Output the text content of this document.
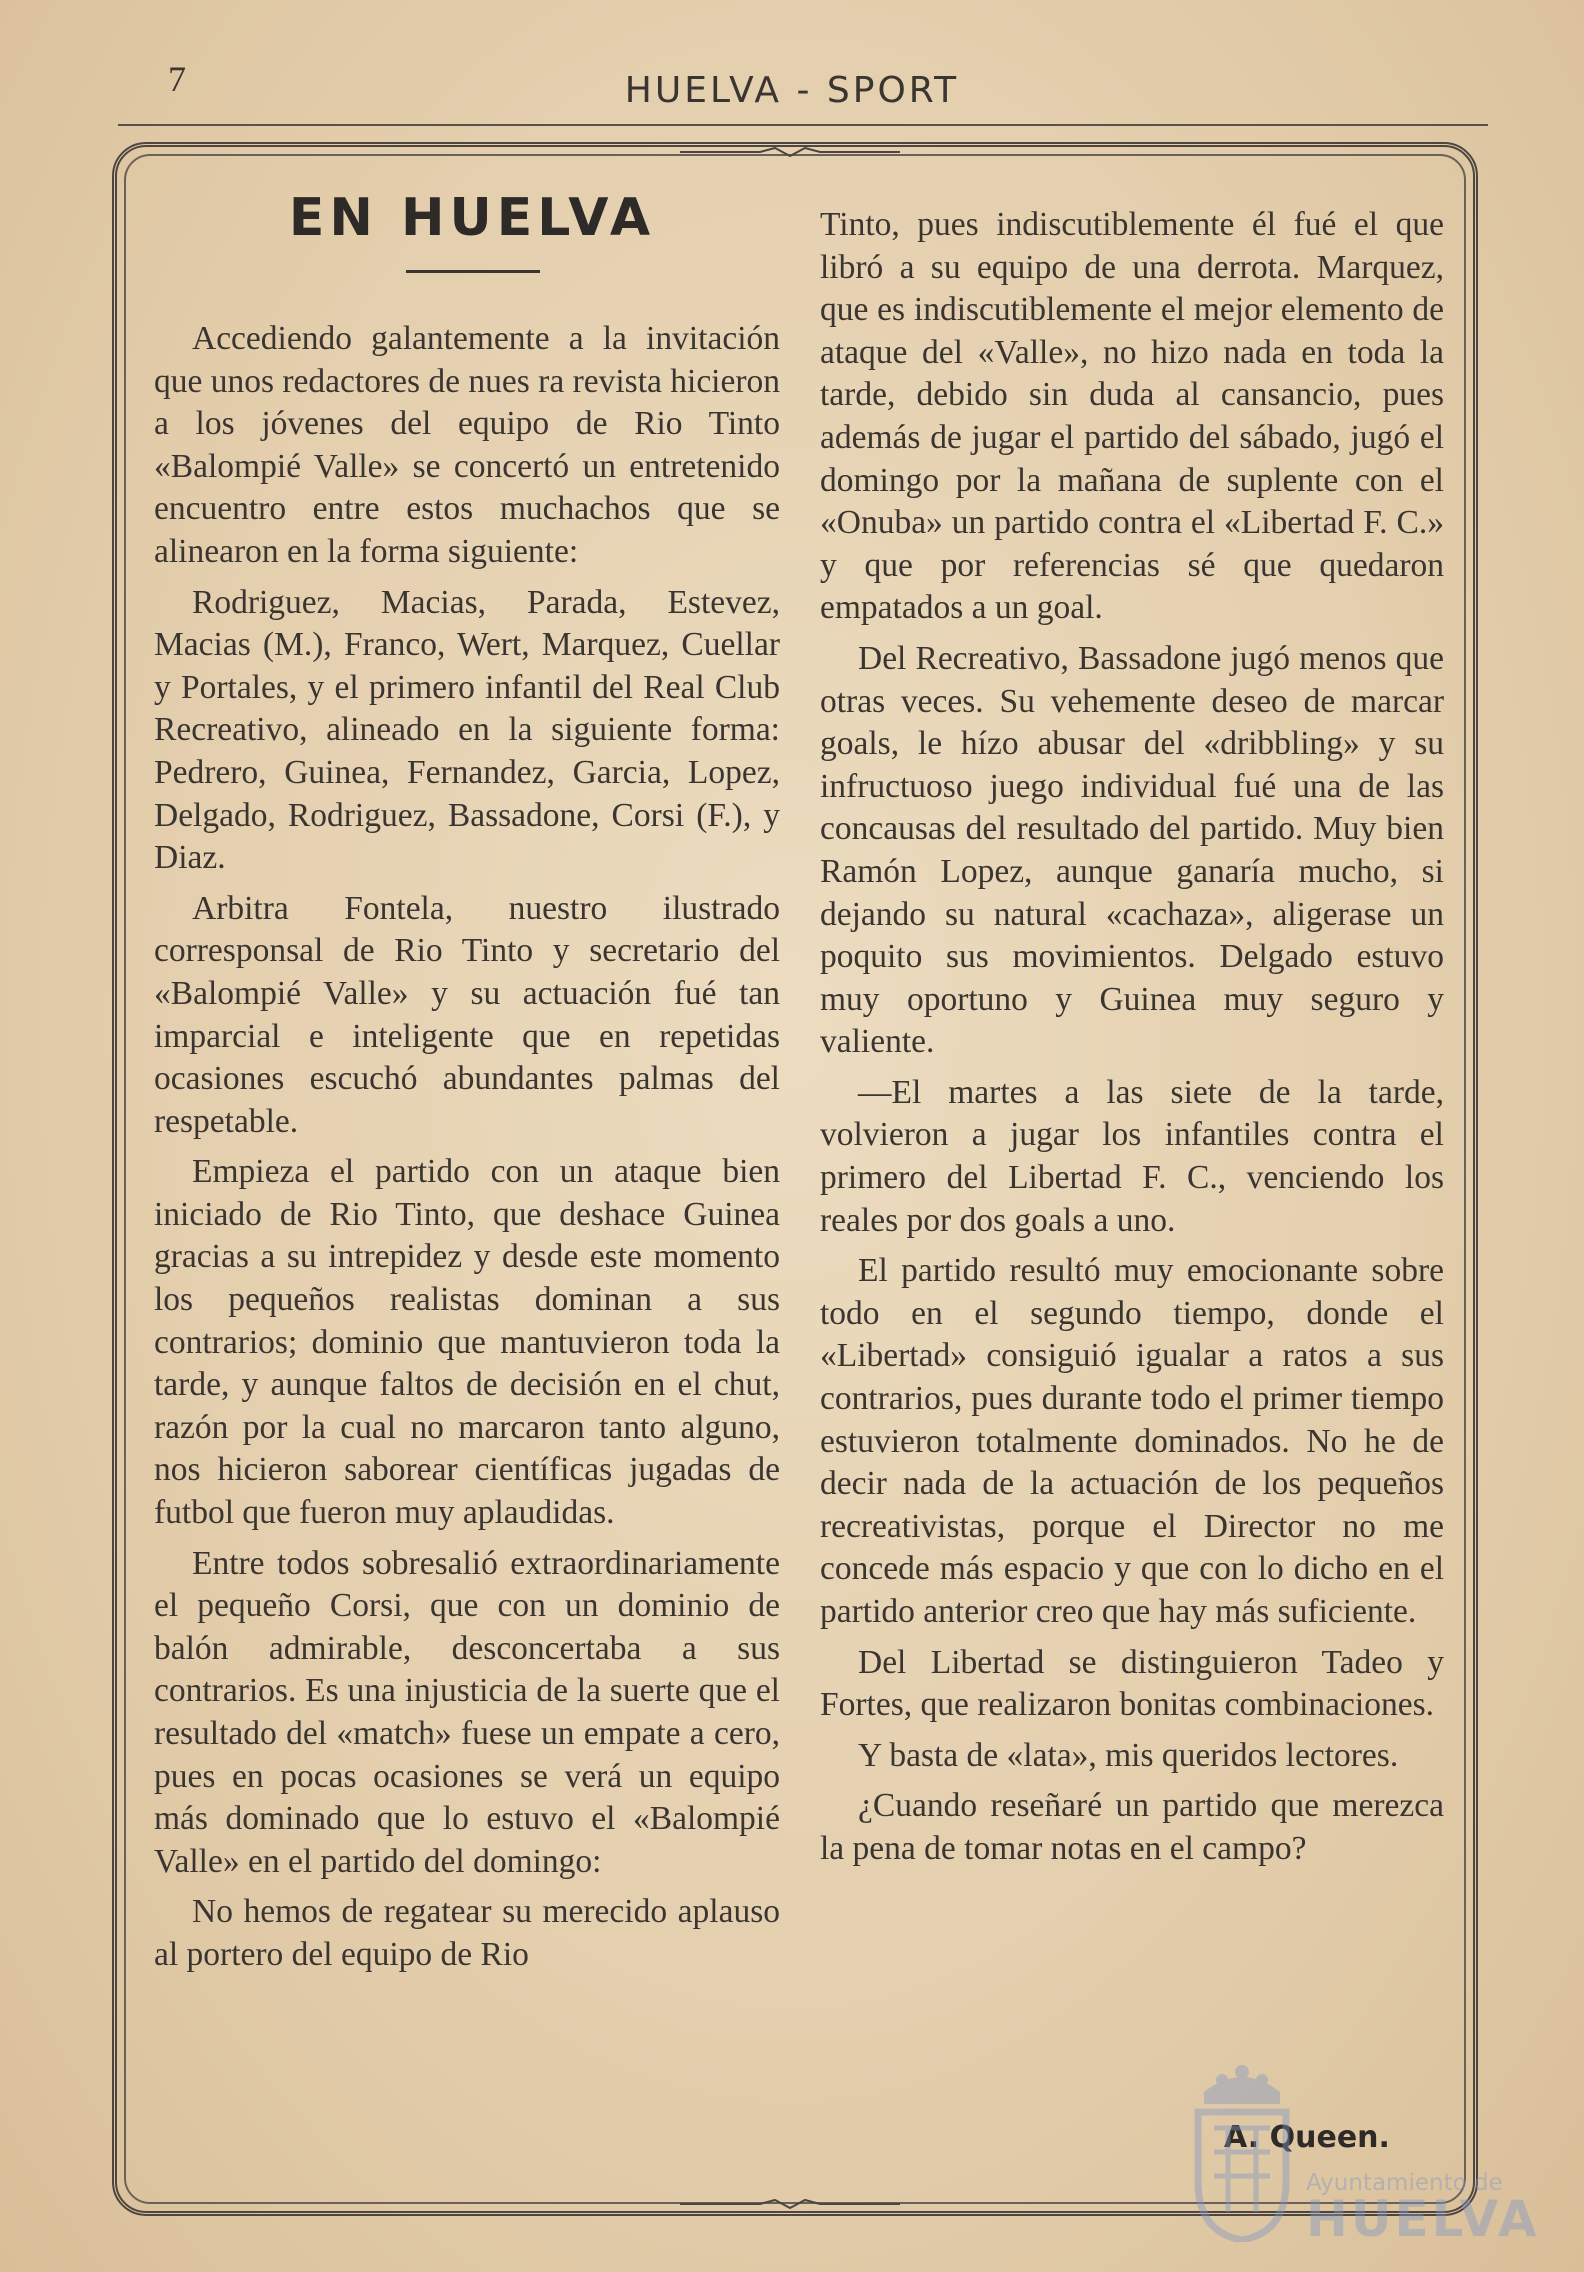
7	HUELVA - SPORT
EN HUELVA

Accediendo galantemente a la invitación que unos redactores de nues ra revista hicieron a los jóvenes del equipo de Rio Tinto «Balompié Valle» se concertó un entretenido encuentro entre estos muchachos que se alinearon en la forma siguiente:

Rodriguez, Macias, Parada, Estevez, Macias (M.), Franco, Wert, Marquez, Cuellar y Portales, y el primero infantil del Real Club Recreativo, alineado en la siguiente forma: Pedrero, Guinea, Fernandez, Garcia, Lopez, Delgado, Rodriguez, Bassadone, Corsi (F.), y Diaz.

Arbitra Fontela, nuestro ilustrado corresponsal de Rio Tinto y secretario del «Balompié Valle» y su actuación fué tan imparcial e inteligente que en repetidas ocasiones escuchó abundantes palmas del respetable.

Empieza el partido con un ataque bien iniciado de Rio Tinto, que deshace Guinea gracias a su intrepidez y desde este momento los pequeños realistas dominan a sus contrarios; dominio que mantuvieron toda la tarde, y aunque faltos de decisión en el chut, razón por la cual no marcaron tanto alguno, nos hicieron saborear científicas jugadas de futbol que fueron muy aplaudidas.

Entre todos sobresalió extraordinariamente el pequeño Corsi, que con un dominio de balón admirable, desconcertaba a sus contrarios. Es una injusticia de la suerte que el resultado del «match» fuese un empate a cero, pues en pocas ocasiones se verá un equipo más dominado que lo estuvo el «Balompié Valle» en el partido del domingo:

No hemos de regatear su merecido aplauso al portero del equipo de Rio

Tinto, pues indiscutiblemente él fué el que libró a su equipo de una derrota. Marquez, que es indiscutiblemente el mejor elemento de ataque del «Valle», no hizo nada en toda la tarde, debido sin duda al cansancio, pues además de jugar el partido del sábado, jugó el domingo por la mañana de suplente con el «Onuba» un partido contra el «Libertad F. C.» y que por referencias sé que quedaron empatados a un goal.

Del Recreativo, Bassadone jugó menos que otras veces. Su vehemente deseo de marcar goals, le hízo abusar del «dribbling» y su infructuoso juego individual fué una de las concausas del resultado del partido. Muy bien Ramón Lopez, aunque ganaría mucho, si dejando su natural «cachaza», aligerase un poquito sus movimientos. Delgado estuvo muy oportuno y Guinea muy seguro y valiente.

—El martes a las siete de la tarde, volvieron a jugar los infantiles contra el primero del Libertad F. C., venciendo los reales por dos goals a uno.

El partido resultó muy emocionante sobre todo en el segundo tiempo, donde el «Libertad» consiguió igualar a ratos a sus contrarios, pues durante todo el primer tiempo estuvieron totalmente dominados. No he de decir nada de la actuación de los pequeños recreativistas, porque el Director no me concede más espacio y que con lo dicho en el partido anterior creo que hay más suficiente.

Del Libertad se distinguieron Tadeo y Fortes, que realizaron bonitas combinaciones.

Y basta de «lata», mis queridos lectores.

¿Cuando reseñaré un partido que merezca la pena de tomar notas en el campo?

A. Queen.
Ayuntamiento de
HUELVA
